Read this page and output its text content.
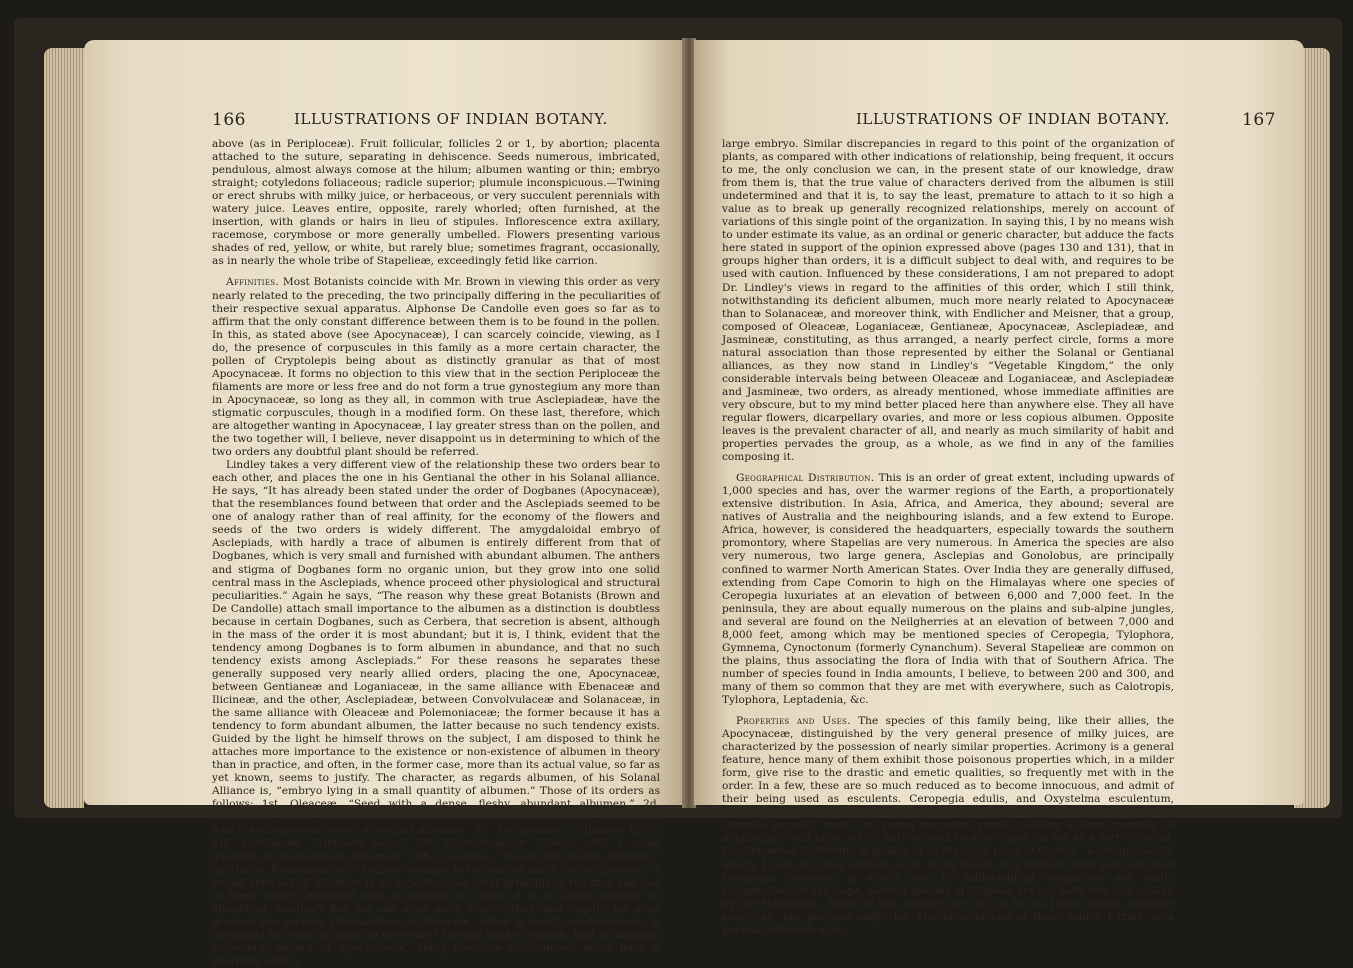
166	ILLUSTRATIONS OF INDIAN BOTANY.

above (as in Periploceæ). Fruit follicular, follicles 2 or 1, by abortion; placenta attached to the suture, separating in dehiscence. Seeds numerous, imbricated, pendulous, almost always comose at the hilum; albumen wanting or thin; embryo straight; cotyledons foliaceous; radicle superior; plumule inconspicuous.—Twining or erect shrubs with milky juice, or herbaceous, or very succulent perennials with watery juice. Leaves entire, opposite, rarely whorled; often furnished, at the insertion, with glands or hairs in lieu of stipules. Inflorescence extra axillary, racemose, corymbose or more generally umbelled. Flowers presenting various shades of red, yellow, or white, but rarely blue; sometimes fragrant, occasionally, as in nearly the whole tribe of Stapelieæ, exceedingly fetid like carrion.

Affinities. Most Botanists coincide with Mr. Brown in viewing this order as very nearly related to the preceding, the two principally differing in the peculiarities of their respective sexual apparatus. Alphonse De Candolle even goes so far as to affirm that the only constant difference between them is to be found in the pollen. In this, as stated above (see Apocynaceæ), I can scarcely coincide, viewing, as I do, the presence of corpuscules in this family as a more certain character, the pollen of Cryptolepis being about as distinctly granular as that of most Apocynaceæ. It forms no objection to this view that in the section Periploceæ the filaments are more or less free and do not form a true gynostegium any more than in Apocynaceæ, so long as they all, in common with true Asclepiadeæ, have the stigmatic corpuscules, though in a modified form. On these last, therefore, which are altogether wanting in Apocynaceæ, I lay greater stress than on the pollen, and the two together will, I believe, never disappoint us in determining to which of the two orders any doubtful plant should be referred.

Lindley takes a very different view of the relationship these two orders bear to each other, and places the one in his Gentianal the other in his Solanal alliance. He says, “It has already been stated under the order of Dogbanes (Apocynaceæ), that the resemblances found between that order and the Asclepiads seemed to be one of analogy rather than of real affinity, for the economy of the flowers and seeds of the two orders is widely different. The amygdaloidal embryo of Asclepiads, with hardly a trace of albumen is entirely different from that of Dogbanes, which is very small and furnished with abundant albumen. The anthers and stigma of Dogbanes form no organic union, but they grow into one solid central mass in the Asclepiads, whence proceed other physiological and structural peculiarities.” Again he says, “The reason why these great Botanists (Brown and De Candolle) attach small importance to the albumen as a distinction is doubtless because in certain Dogbanes, such as Cerbera, that secretion is absent, although in the mass of the order it is most abundant; but it is, I think, evident that the tendency among Dogbanes is to form albumen in abundance, and that no such tendency exists among Asclepiads.” For these reasons he separates these generally supposed very nearly allied orders, placing the one, Apocynaceæ, between Gentianeæ and Loganiaceæ, in the same alliance with Ebenaceæ and Ilicineæ, and the other, Asclepiadeæ, between Convolvulaceæ and Solanaceæ, in the same alliance with Oleaceæ and Polemoniaceæ; the former because it has a tendency to form abundant albumen, the latter because no such tendency exists. Guided by the light he himself throws on the subject, I am disposed to think he attaches more importance to the existence or non-existence of albumen in theory than in practice, and often, in the former case, more than its actual value, so far as yet known, seems to justify. The character, as regards albumen, of his Solanal Alliance is, “embryo lying in a small quantity of albumen.” Those of its orders as follows: 1st. Oleaceæ. “Seed with a dense, fleshy, abundant albumen.” 2d. Solanaceæ. “Embryo straight or curved, lying in a fleshy albumen.” The figure which accompanies shows abundant albumen. 3d. Asclepiadeæ. “Albumen thin.” 4th. Cordiaceæ. “Albumen none.” 5th. Convolvulaceæ. “Seeds with a small quantity of mucilaginous albumen.” 6th. Cuscuteæ. “Seeds with fleshy albumen,” and lastly, Polemoniaceæ. “Embryo straight in the axis of much fleshy albumen.” I would here ask, if albumen is so important, on what principle is the first and last of these orders admitted into an alliance in which it is in small quantity or altogether wanting? But we can even go a step further, and inquire on what grounds the section, Chionantheæ of Oleaceæ, which is nearly exalbuminous, is permitted to retain its place in the order? I would further remark, that, in addition to several genera of Apocynaceæ, being destitute of albumen, many have it sparingly with a

ILLUSTRATIONS OF INDIAN BOTANY.	167

large embryo. Similar discrepancies in regard to this point of the organization of plants, as compared with other indications of relationship, being frequent, it occurs to me, the only conclusion we can, in the present state of our knowledge, draw from them is, that the true value of characters derived from the albumen is still undetermined and that it is, to say the least, premature to attach to it so high a value as to break up generally recognized relationships, merely on account of variations of this single point of the organization. In saying this, I by no means wish to under estimate its value, as an ordinal or generic character, but adduce the facts here stated in support of the opinion expressed above (pages 130 and 131), that in groups higher than orders, it is a difficult subject to deal with, and requires to be used with caution. Influenced by these considerations, I am not prepared to adopt Dr. Lindley's views in regard to the affinities of this order, which I still think, notwithstanding its deficient albumen, much more nearly related to Apocynaceæ than to Solanaceæ, and moreover think, with Endlicher and Meisner, that a group, composed of Oleaceæ, Loganiaceæ, Gentianeæ, Apocynaceæ, Asclepiadeæ, and Jasmineæ, constituting, as thus arranged, a nearly perfect circle, forms a more natural association than those represented by either the Solanal or Gentianal alliances, as they now stand in Lindley's “Vegetable Kingdom,” the only considerable intervals being between Oleaceæ and Loganiaceæ, and Asclepiadeæ and Jasmineæ, two orders, as already mentioned, whose immediate affinities are very obscure, but to my mind better placed here than anywhere else. They all have regular flowers, dicarpellary ovaries, and more or less copious albumen. Opposite leaves is the prevalent character of all, and nearly as much similarity of habit and properties pervades the group, as a whole, as we find in any of the families composing it.

Geographical Distribution. This is an order of great extent, including upwards of 1,000 species and has, over the warmer regions of the Earth, a proportionately extensive distribution. In Asia, Africa, and America, they abound; several are natives of Australia and the neighbouring islands, and a few extend to Europe. Africa, however, is considered the headquarters, especially towards the southern promontory, where Stapelias are very numerous. In America the species are also very numerous, two large genera, Asclepias and Gonolobus, are principally confined to warmer North American States. Over India they are generally diffused, extending from Cape Comorin to high on the Himalayas where one species of Ceropegia luxuriates at an elevation of between 6,000 and 7,000 feet. In the peninsula, they are about equally numerous on the plains and sub-alpine jungles, and several are found on the Neilgherries at an elevation of between 7,000 and 8,000 feet, among which may be mentioned species of Ceropegia, Tylophora, Gymnema, Cynoctonum (formerly Cynanchum). Several Stapelieæ are common on the plains, thus associating the flora of India with that of Southern Africa. The number of species found in India amounts, I believe, to between 200 and 300, and many of them so common that they are met with everywhere, such as Calotropis, Tylophora, Leptadenia, &c.

Properties and Uses. The species of this family being, like their allies, the Apocynaceæ, distinguished by the very general presence of milky juices, are characterized by the possession of nearly similar properties. Acrimony is a general feature, hence many of them exhibit those poisonous properties which, in a milder form, give rise to the drastic and emetic qualities, so frequently met with in the order. In a few, these are so much reduced as to become innocuous, and admit of their being used as esculents. Ceropegia edulis, and Oxystelma esculentum, judging from their names, seem to be such. Sarcostemma (olim Cynanchum) viminale is really such, the young succulent ramuli yielding a large quantity of mild, milky, acid juice, which natives suck to allay thirst, or eat as a sort of sallad: the Gymnema lactiferum is spoken of as the “cow plant of Ceylon,” a designation to which, I fear, it is not entitled, as it is my belief, it is neither more nor less than Gymnema sylvestre, in which case its milk-yielding capabilities are vastly exaggerated. At the Cape, several species of Stapelia are eat both raw and cooked by the Hottentots. Those of this country are not, so far as I have heard, similarly employed, but perhaps might be. The taste of one of them, which I tried, is a peculiar bitterish acid,
